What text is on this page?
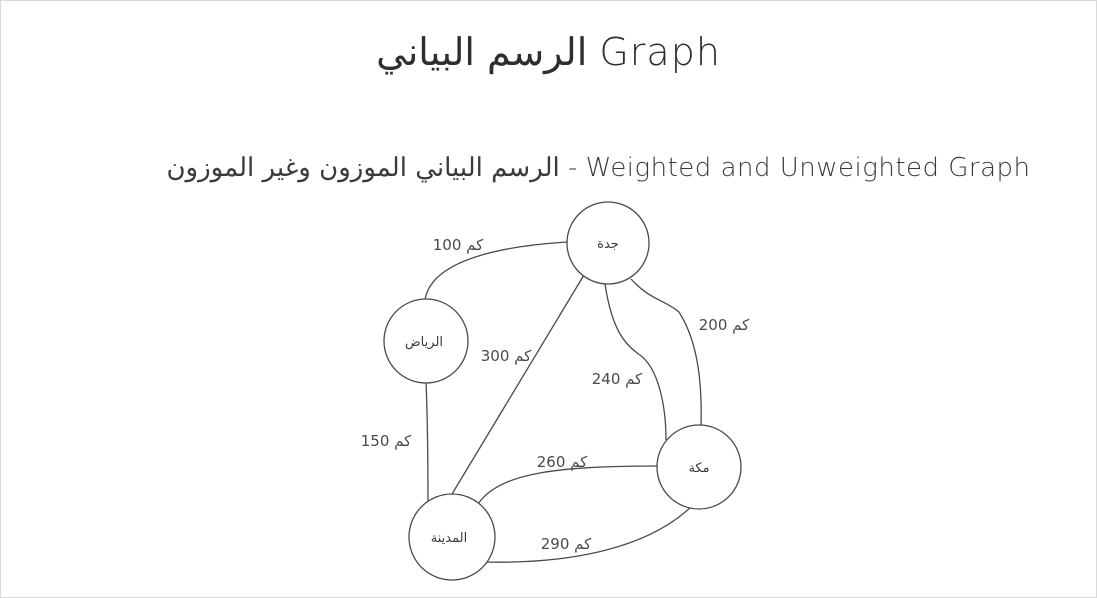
الرسم البياني Graph
الرسم البياني الموزون وغير الموزون - Weighted and Unweighted Graph
جدة
الرياض
مكة
المدينة
100 كم
150 كم
300 كم
240 كم
200 كم
260 كم
290 كم
